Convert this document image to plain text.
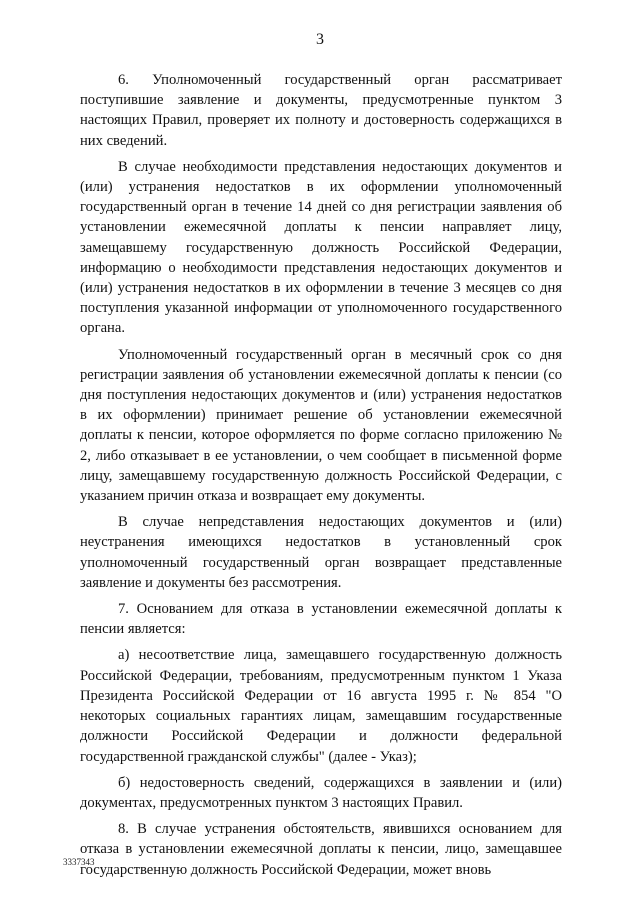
3

6. Уполномоченный государственный орган рассматривает поступившие заявление и документы, предусмотренные пунктом 3 настоящих Правил, проверяет их полноту и достоверность содержащихся в них сведений.

В случае необходимости представления недостающих документов и (или) устранения недостатков в их оформлении уполномоченный государственный орган в течение 14 дней со дня регистрации заявления об установлении ежемесячной доплаты к пенсии направляет лицу, замещавшему государственную должность Российской Федерации, информацию о необходимости представления недостающих документов и (или) устранения недостатков в их оформлении в течение 3 месяцев со дня поступления указанной информации от уполномоченного государственного органа.

Уполномоченный государственный орган в месячный срок со дня регистрации заявления об установлении ежемесячной доплаты к пенсии (со дня поступления недостающих документов и (или) устранения недостатков в их оформлении) принимает решение об установлении ежемесячной доплаты к пенсии, которое оформляется по форме согласно приложению № 2, либо отказывает в ее установлении, о чем сообщает в письменной форме лицу, замещавшему государственную должность Российской Федерации, с указанием причин отказа и возвращает ему документы.

В случае непредставления недостающих документов и (или) неустранения имеющихся недостатков в установленный срок уполномоченный государственный орган возвращает представленные заявление и документы без рассмотрения.

7. Основанием для отказа в установлении ежемесячной доплаты к пенсии является:

а) несоответствие лица, замещавшего государственную должность Российской Федерации, требованиям, предусмотренным пунктом 1 Указа Президента Российской Федерации от 16 августа 1995 г. № 854 "О некоторых социальных гарантиях лицам, замещавшим государственные должности Российской Федерации и должности федеральной государственной гражданской службы" (далее - Указ);

б) недостоверность сведений, содержащихся в заявлении и (или) документах, предусмотренных пунктом 3 настоящих Правил.

8. В случае устранения обстоятельств, явившихся основанием для отказа в установлении ежемесячной доплаты к пенсии, лицо, замещавшее государственную должность Российской Федерации, может вновь

3337343
